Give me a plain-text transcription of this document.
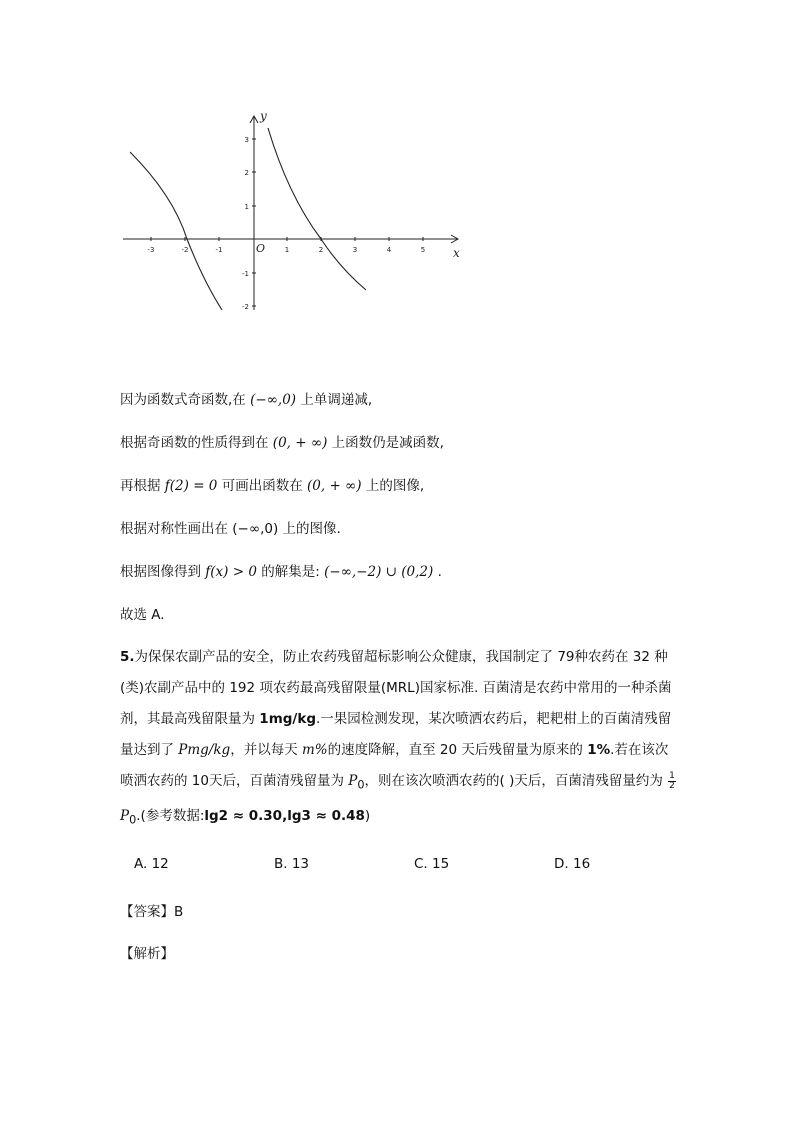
-3	-2	-1	1	2	3	4	5
3
2
1
-1
-2
y
x
O
因为函数式奇函数,在 (−∞,0) 上单调递减,
根据奇函数的性质得到在 (0, + ∞) 上函数仍是减函数,
再根据 f(2) = 0 可画出函数在 (0, + ∞) 上的图像,
根据对称性画出在 (−∞,0) 上的图像.
根据图像得到 f(x) > 0 的解集是: (−∞,−2) ∪ (0,2) .
故选 A.
5.为保保农副产品的安全，防止农药残留超标影响公众健康，我国制定了 79种农药在 32 种(类)农副产品中的 192 项农药最高残留限量(MRL)国家标准. 百菌清是农药中常用的一种杀菌剂，其最高残留限量为 1mg/kg.一果园检测发现，某次喷洒农药后，耙耙柑上的百菌清残留量达到了 Pmg/kg，并以每天 m%的速度降解，直至 20 天后残留量为原来的 1%.若在该次喷洒农药的 10天后，百菌清残留量为 $P_0$，则在该次喷洒农药的( )天后，百菌清残留量约为 $\frac{1}{2}$
$P_0$.(参考数据:lg2 ≈ 0.30,lg3 ≈ 0.48)
A. 12	B. 13	C. 15	D. 16
【答案】B
【解析】
